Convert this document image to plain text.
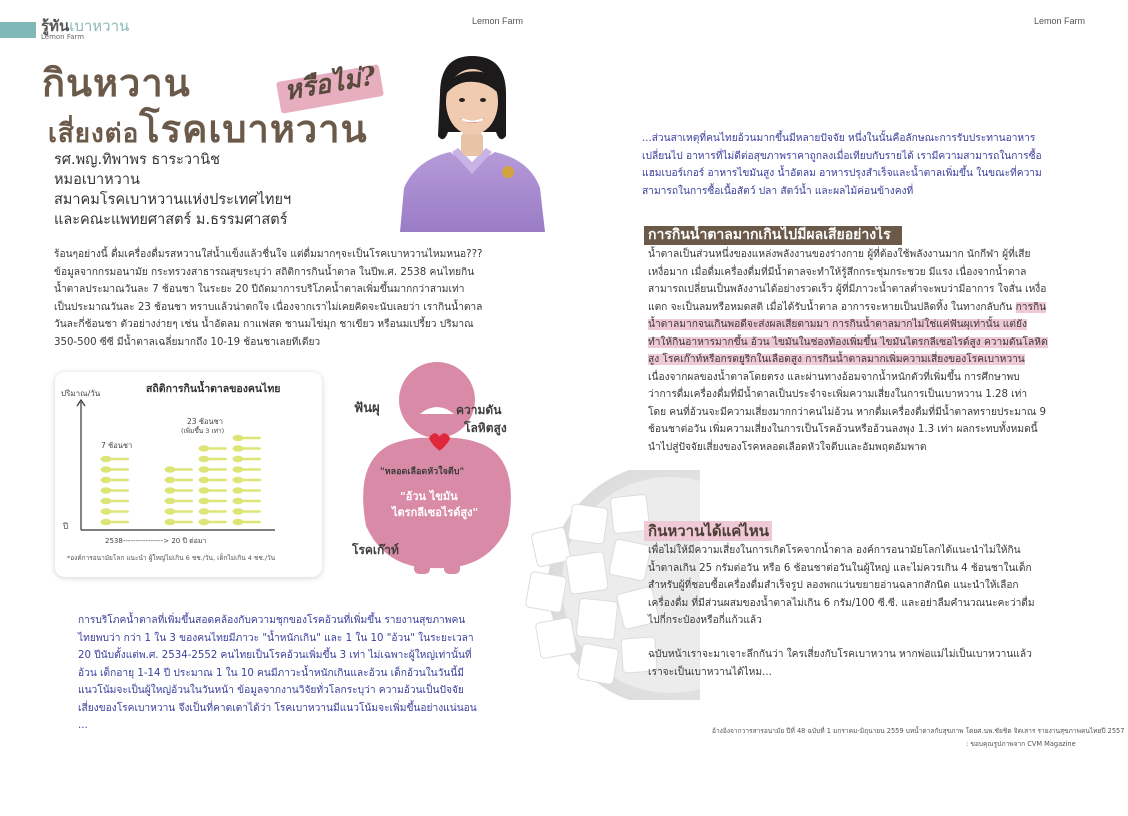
รู้ทันเบาหวาน
Lemon Farm
Lemon Farm	Lemon Farm
กินหวาน
เสี่ยงต่อโรคเบาหวาน
หรือไม่?
รศ.พญ.ทิพาพร ธาระวานิช
หมอเบาหวาน
สมาคมโรคเบาหวานแห่งประเทศไทยฯ
และคณะแพทยศาสตร์ ม.ธรรมศาสตร์
ร้อนๆอย่างนี้ ดื่มเครื่องดื่มรสหวานใส่น้ำแข็งแล้วชื่นใจ แต่ดื่มมากๆจะเป็นโรคเบาหวานไหมหนอ??? ข้อมูลจากกรมอนามัย กระทรวงสาธารณสุขระบุว่า สถิติการกินน้ำตาล ในปีพ.ศ. 2538 คนไทยกินน้ำตาลประมาณวันละ 7 ช้อนชา ในระยะ 20 ปีถัดมาการบริโภคน้ำตาลเพิ่มขึ้นมากกว่าสามเท่า เป็นประมาณวันละ 23 ช้อนชา ทราบแล้วน่าตกใจ เนื่องจากเราไม่เคยคิดจะนับเลยว่า เรากินน้ำตาลวันละกี่ช้อนชา ตัวอย่างง่ายๆ เช่น น้ำอัดลม กาแฟสด ชานมไข่มุก ชาเขียว หรือนมเปรี้ยว ปริมาณ 350-500 ซีซี มีน้ำตาลเฉลี่ยมากถึง 10-19 ช้อนชาเลยทีเดียว
สถิติการกินน้ำตาลของคนไทย
ปริมาณ/วัน
ปี
7 ช้อนชา
23 ช้อนชา
(เพิ่มขึ้น 3 เท่า)
2538----------------> 20 ปี ต่อมา
*องค์การอนามัยโลก แนะนำ ผู้ใหญ่ไม่เกิน 6 ชช./วัน, เด็กไม่เกิน 4 ชช./วัน
ฟันผุ	ความดัน
โลหิตสูง
"หลอดเลือดหัวใจตีบ"
"อ้วน ไขมัน
ไตรกลีเซอไรด์สูง"
โรคเก๊าท์
การบริโภคน้ำตาลที่เพิ่มขึ้นสอดคล้องกับความชุกของโรคอ้วนที่เพิ่มขึ้น รายงานสุขภาพคนไทยพบว่า กว่า 1 ใน 3 ของคนไทยมีภาวะ "น้ำหนักเกิน" และ 1 ใน 10 "อ้วน" ในระยะเวลา 20 ปีนับตั้งแต่พ.ศ. 2534-2552 คนไทยเป็นโรคอ้วนเพิ่มขึ้น 3 เท่า ไม่เฉพาะผู้ใหญ่เท่านั้นที่อ้วน เด็กอายุ 1-14 ปี ประมาณ 1 ใน 10 คนมีภาวะน้ำหนักเกินและอ้วน เด็กอ้วนในวันนี้มีแนวโน้มจะเป็นผู้ใหญ่อ้วนในวันหน้า ข้อมูลจากงานวิจัยทั่วโลกระบุว่า ความอ้วนเป็นปัจจัยเสี่ยงของโรคเบาหวาน จึงเป็นที่คาดเดาได้ว่า โรคเบาหวานมีแนวโน้มจะเพิ่มขึ้นอย่างแน่นอน ...
...ส่วนสาเหตุที่คนไทยอ้วนมากขึ้นมีหลายปัจจัย หนึ่งในนั้นคือลักษณะการรับประทานอาหารเปลี่ยนไป อาหารที่ไม่ดีต่อสุขภาพราคาถูกลงเมื่อเทียบกับรายได้ เรามีความสามารถในการซื้อแฮมเบอร์เกอร์ อาหารไขมันสูง น้ำอัดลม อาหารปรุงสำเร็จและน้ำตาลเพิ่มขึ้น ในขณะที่ความสามารถในการซื้อเนื้อสัตว์ ปลา สัตว์น้ำ และผลไม้ค่อนข้างคงที่
การกินน้ำตาลมากเกินไปมีผลเสียอย่างไร
น้ำตาลเป็นส่วนหนึ่งของแหล่งพลังงานของร่างกาย ผู้ที่ต้องใช้พลังงานมาก นักกีฬา ผู้ที่เสียเหงื่อมาก เมื่อดื่มเครื่องดื่มที่มีน้ำตาลจะทำให้รู้สึกกระชุ่มกระชวย มีแรง เนื่องจากน้ำตาลสามารถเปลี่ยนเป็นพลังงานได้อย่างรวดเร็ว ผู้ที่มีภาวะน้ำตาลต่ำจะพบว่ามีอาการ ใจสั่น เหงื่อแตก จะเป็นลมหรือหมดสติ เมื่อได้รับน้ำตาล อาการจะหายเป็นปลิดทิ้ง ในทางกลับกัน การกินน้ำตาลมากจนเกินพอดีจะส่งผลเสียตามมา การกินน้ำตาลมากไม่ใช่แค่ฟันผุเท่านั้น แต่ยังทำให้กินอาหารมากขึ้น อ้วน ไขมันในช่องท้องเพิ่มขึ้น ไขมันไตรกลีเซอไรด์สูง ความดันโลหิตสูง โรคเก๊าท์หรือกรดยูริกในเลือดสูง การกินน้ำตาลมากเพิ่มความเสี่ยงของโรคเบาหวานเนื่องจากผลของน้ำตาลโดยตรง และผ่านทางอ้อมจากน้ำหนักตัวที่เพิ่มขึ้น การศึกษาพบว่าการดื่มเครื่องดื่มที่มีน้ำตาลเป็นประจำจะเพิ่มความเสี่ยงในการเป็นเบาหวาน 1.28 เท่า โดย คนที่อ้วนจะมีความเสี่ยงมากกว่าคนไม่อ้วน หากดื่มเครื่องดื่มที่มีน้ำตาลทรายประมาณ 9 ช้อนชาต่อวัน เพิ่มความเสี่ยงในการเป็นโรคอ้วนหรืออ้วนลงพุง 1.3 เท่า ผลกระทบทั้งหมดนี้นำไปสู่ปัจจัยเสี่ยงของโรคหลอดเลือดหัวใจตีบและอัมพฤตอัมพาต
กินหวานได้แค่ไหน
เพื่อไม่ให้มีความเสี่ยงในการเกิดโรคจากน้ำตาล องค์การอนามัยโลกได้แนะนำไม่ให้กินน้ำตาลเกิน 25 กรัมต่อวัน หรือ 6 ช้อนชาต่อวันในผู้ใหญ่ และไม่ควรเกิน 4 ช้อนชาในเด็ก สำหรับผู้ที่ชอบซื้อเครื่องดื่มสำเร็จรูป ลองพกแว่นขยายอ่านฉลากสักนิด แนะนำให้เลือกเครื่องดื่ม ที่มีส่วนผสมของน้ำตาลไม่เกิน 6 กรัม/100 ซี.ซี. และอย่าลืมคำนวณนะคะว่าดื่มไปกี่กระป๋องหรือกี่แก้วแล้ว
ฉบับหน้าเราจะมาเจาะลึกกันว่า ใครเสี่ยงกับโรคเบาหวาน หากพ่อแม่ไม่เป็นเบาหวานแล้วเราจะเป็นเบาหวานได้ไหม...
อ้างอิงจากวารสารอนามัย ปีที่ 48 ฉบับที่ 1 มกราคม-มิถุนายน 2559 บทน้ำตาลกับสุขภาพ โดยศ.นพ.ชัยชิต จิตเสาร รายงานสุขภาพคนไทยปี 2557
: ขอบคุณรูปภาพจาก CVM Magazine
